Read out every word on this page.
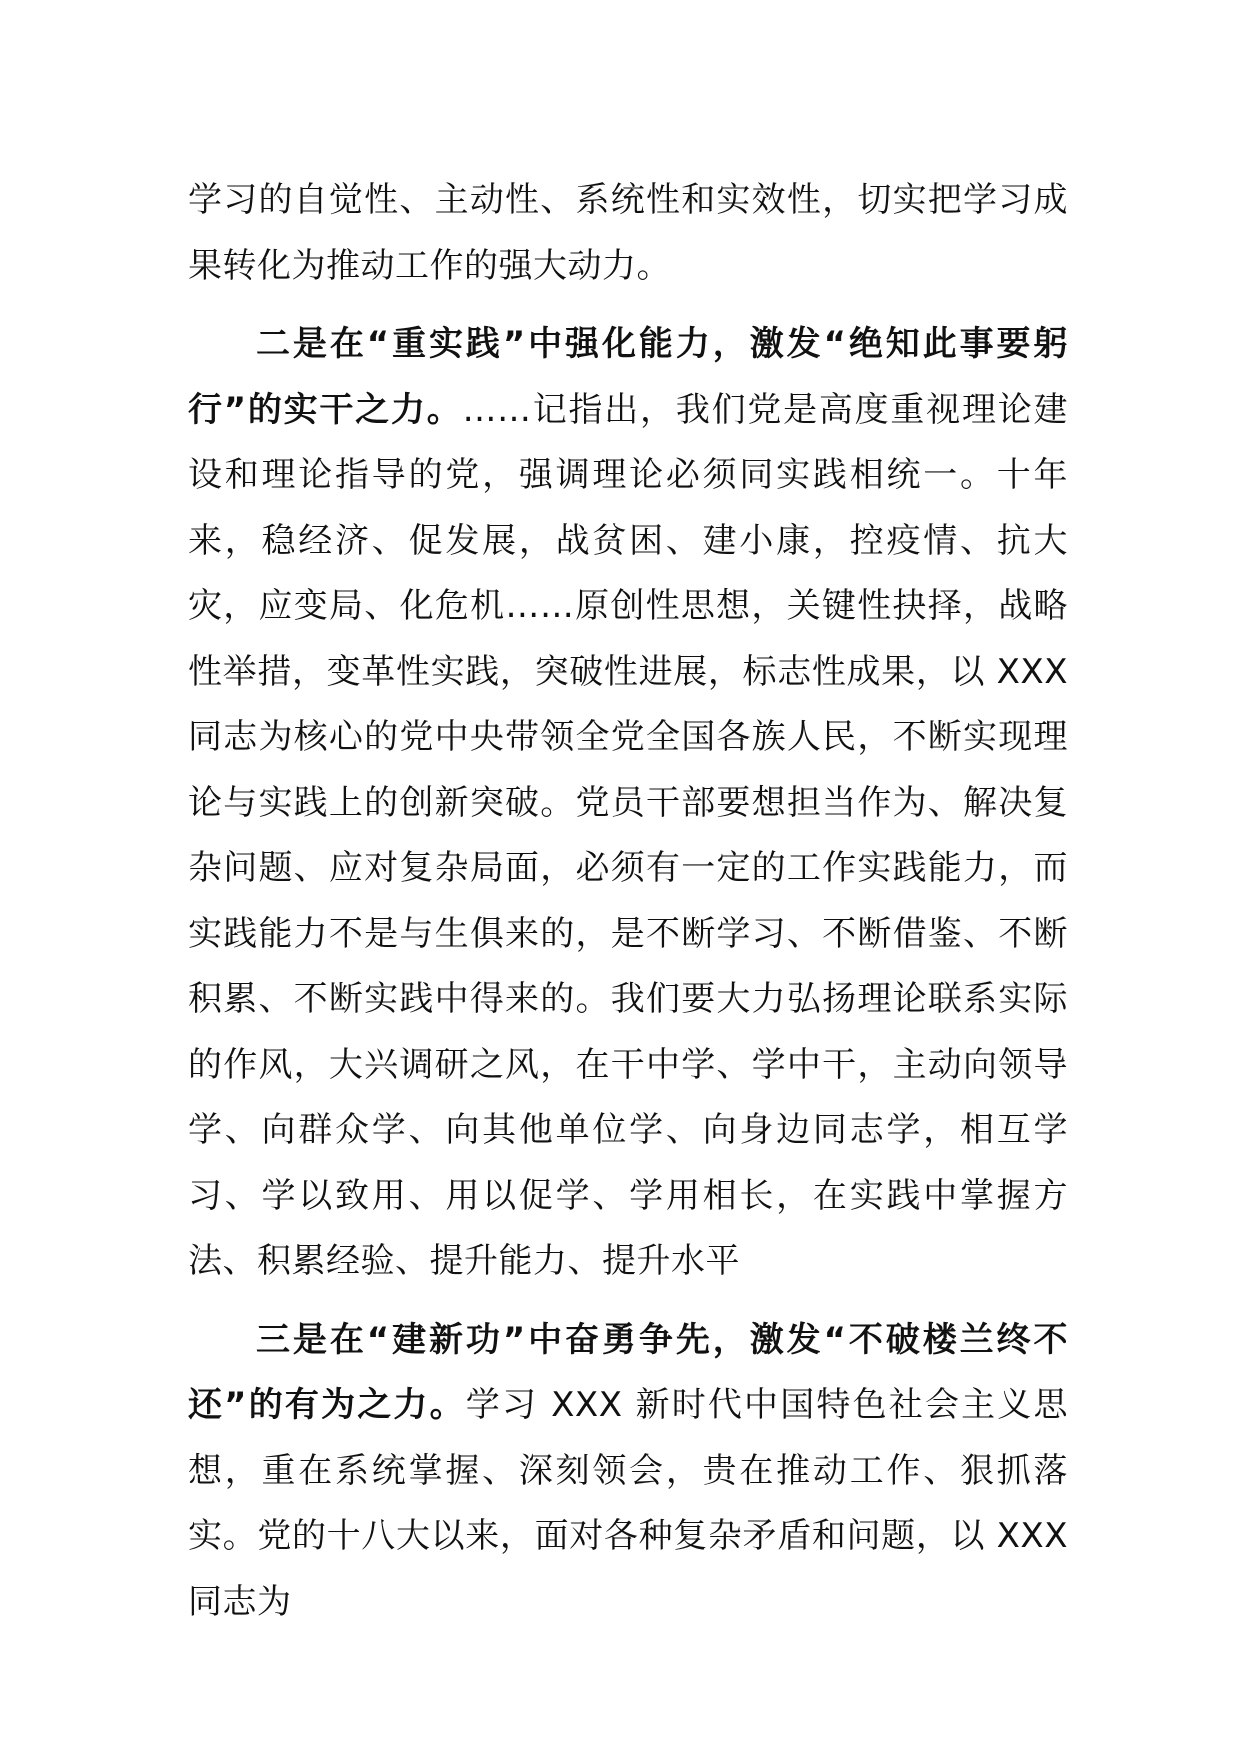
学习的自觉性、主动性、系统性和实效性，切实把学习成果转化为推动工作的强大动力。

二是在“重实践”中强化能力，激发“绝知此事要躬行”的实干之力。……记指出，我们党是高度重视理论建设和理论指导的党，强调理论必须同实践相统一。十年来，稳经济、促发展，战贫困、建小康，控疫情、抗大灾，应变局、化危机……原创性思想，关键性抉择，战略性举措，变革性实践，突破性进展，标志性成果，以 XXX 同志为核心的党中央带领全党全国各族人民，不断实现理论与实践上的创新突破。党员干部要想担当作为、解决复杂问题、应对复杂局面，必须有一定的工作实践能力，而实践能力不是与生俱来的，是不断学习、不断借鉴、不断积累、不断实践中得来的。我们要大力弘扬理论联系实际的作风，大兴调研之风，在干中学、学中干，主动向领导学、向群众学、向其他单位学、向身边同志学，相互学习、学以致用、用以促学、学用相长，在实践中掌握方法、积累经验、提升能力、提升水平

三是在“建新功”中奋勇争先，激发“不破楼兰终不还”的有为之力。学习 XXX 新时代中国特色社会主义思想，重在系统掌握、深刻领会，贵在推动工作、狠抓落实。党的十八大以来，面对各种复杂矛盾和问题，以 XXX 同志为
